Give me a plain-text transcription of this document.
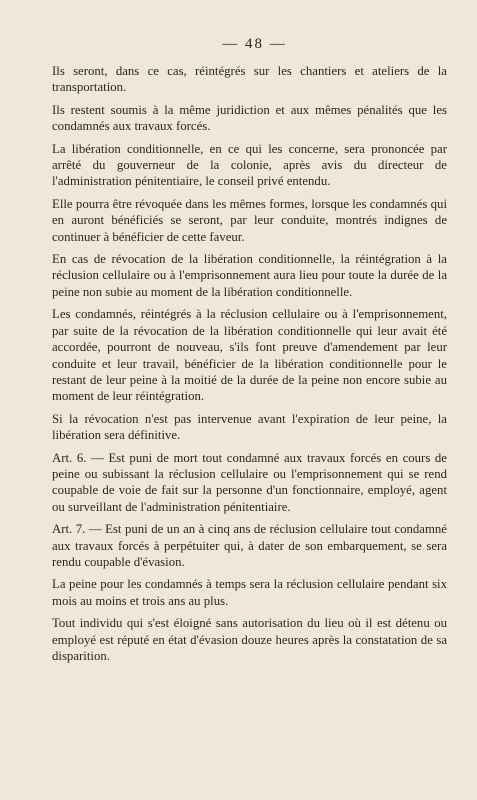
— 48 —

Ils seront, dans ce cas, réintégrés sur les chantiers et ateliers de la transportation.

Ils restent soumis à la même juridiction et aux mêmes pénalités que les condamnés aux travaux forcés.

La libération conditionnelle, en ce qui les concerne, sera prononcée par arrêté du gouverneur de la colonie, après avis du directeur de l'administration pénitentiaire, le conseil privé entendu.

Elle pourra être révoquée dans les mêmes formes, lorsque les condamnés qui en auront bénéficiés se seront, par leur conduite, montrés indignes de continuer à bénéficier de cette faveur.

En cas de révocation de la libération conditionnelle, la réintégration à la réclusion cellulaire ou à l'emprisonnement aura lieu pour toute la durée de la peine non subie au moment de la libération conditionnelle.

Les condamnés, réintégrés à la réclusion cellulaire ou à l'emprisonnement, par suite de la révocation de la libération conditionnelle qui leur avait été accordée, pourront de nouveau, s'ils font preuve d'amendement par leur conduite et leur travail, bénéficier de la libération conditionnelle pour le restant de leur peine à la moitié de la durée de la peine non encore subie au moment de leur réintégration.

Si la révocation n'est pas intervenue avant l'expiration de leur peine, la libération sera définitive.

Art. 6. — Est puni de mort tout condamné aux travaux forcés en cours de peine ou subissant la réclusion cellulaire ou l'emprisonnement qui se rend coupable de voie de fait sur la personne d'un fonctionnaire, employé, agent ou surveillant de l'administration pénitentiaire.

Art. 7. — Est puni de un an à cinq ans de réclusion cellulaire tout condamné aux travaux forcés à perpétuiter qui, à dater de son embarquement, se sera rendu coupable d'évasion.

La peine pour les condamnés à temps sera la réclusion cellulaire pendant six mois au moins et trois ans au plus.

Tout individu qui s'est éloigné sans autorisation du lieu où il est détenu ou employé est réputé en état d'évasion douze heures après la constatation de sa disparition.
